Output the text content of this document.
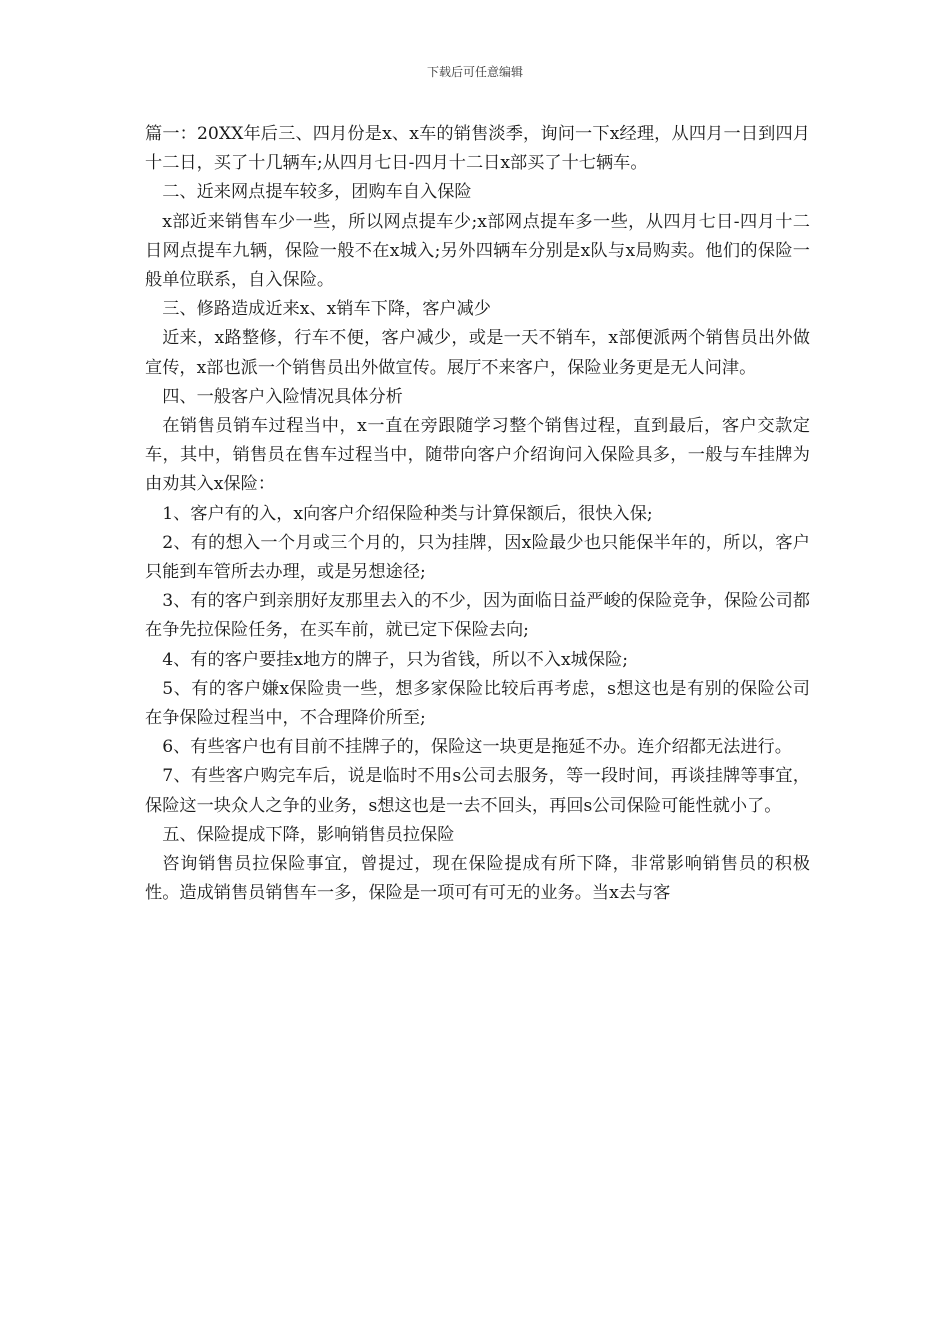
下载后可任意编辑

篇一：20XX年后三、四月份是x、x车的销售淡季，询问一下x经理，从四月一日到四月十二日，买了十几辆车;从四月七日-四月十二日x部买了十七辆车。

二、近来网点提车较多，团购车自入保险

x部近来销售车少一些，所以网点提车少;x部网点提车多一些，从四月七日-四月十二日网点提车九辆，保险一般不在x城入;另外四辆车分别是x队与x局购卖。他们的保险一般单位联系，自入保险。

三、修路造成近来x、x销车下降，客户减少

近来，x路整修，行车不便，客户减少，或是一天不销车，x部便派两个销售员出外做宣传，x部也派一个销售员出外做宣传。展厅不来客户，保险业务更是无人问津。

四、一般客户入险情况具体分析

在销售员销车过程当中，x一直在旁跟随学习整个销售过程，直到最后，客户交款定车，其中，销售员在售车过程当中，随带向客户介绍询问入保险具多，一般与车挂牌为由劝其入x保险：

1、客户有的入，x向客户介绍保险种类与计算保额后，很快入保;

2、有的想入一个月或三个月的，只为挂牌，因x险最少也只能保半年的，所以，客户只能到车管所去办理，或是另想途径;

3、有的客户到亲朋好友那里去入的不少，因为面临日益严峻的保险竞争，保险公司都在争先拉保险任务，在买车前，就已定下保险去向;

4、有的客户要挂x地方的牌子，只为省钱，所以不入x城保险;

5、有的客户嫌x保险贵一些，想多家保险比较后再考虑，s想这也是有别的保险公司在争保险过程当中，不合理降价所至;

6、有些客户也有目前不挂牌子的，保险这一块更是拖延不办。连介绍都无法进行。

7、有些客户购完车后，说是临时不用s公司去服务，等一段时间，再谈挂牌等事宜，保险这一块众人之争的业务，s想这也是一去不回头，再回s公司保险可能性就小了。

五、保险提成下降，影响销售员拉保险

咨询销售员拉保险事宜，曾提过，现在保险提成有所下降，非常影响销售员的积极性。造成销售员销售车一多，保险是一项可有可无的业务。当x去与客
